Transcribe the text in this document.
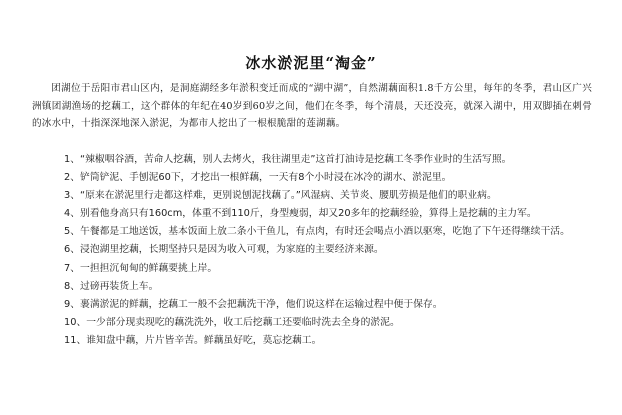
冰水淤泥里“淘金”
团湖位于岳阳市君山区内，是洞庭湖经多年淤积变迁而成的“湖中湖”，自然湖藕面积1.8千方公里，每年的冬季，君山区广兴洲镇团湖渔场的挖藕工，这个群体的年纪在40岁到60岁之间，他们在冬季，每个清晨，天还没亮，就深入湖中，用双脚插在刺骨的冰水中，十指深深地深入淤泥，为都市人挖出了一根根脆甜的莲湖藕。
1、“辣椒咽谷酒，苦命人挖藕，别人去烤火，我往湖里走”这首打油诗是挖藕工冬季作业时的生活写照。
2、铲筒铲泥、手刨泥60下，才挖出一根鲜藕，一天有8个小时浸在冰冷的湖水、淤泥里。
3、“原来在淤泥里行走都这样难，更别说刨泥找藕了。”风湿病、关节炎、腰肌劳损是他们的职业病。
4、别看他身高只有160cm，体重不到110斤，身型瘦弱，却又20多年的挖藕经验，算得上是挖藕的主力军。
5、午餐都是工地送饭，基本饭面上放二条小干鱼儿，有点肉，有时还会喝点小酒以驱寒，吃饱了下午还得继续干活。
6、浸泡湖里挖藕，长期坚持只是因为收入可观，为家庭的主要经济来源。
7、一担担沉甸甸的鲜藕要挑上岸。
8、过磅再装货上车。
9、裹满淤泥的鲜藕，挖藕工一般不会把藕洗干净，他们说这样在运输过程中便于保存。
10、一少部分现卖现吃的藕洗洗外，收工后挖藕工还要临时洗去全身的淤泥。
11、谁知盘中藕，片片皆辛苦。鲜藕虽好吃，莫忘挖藕工。
